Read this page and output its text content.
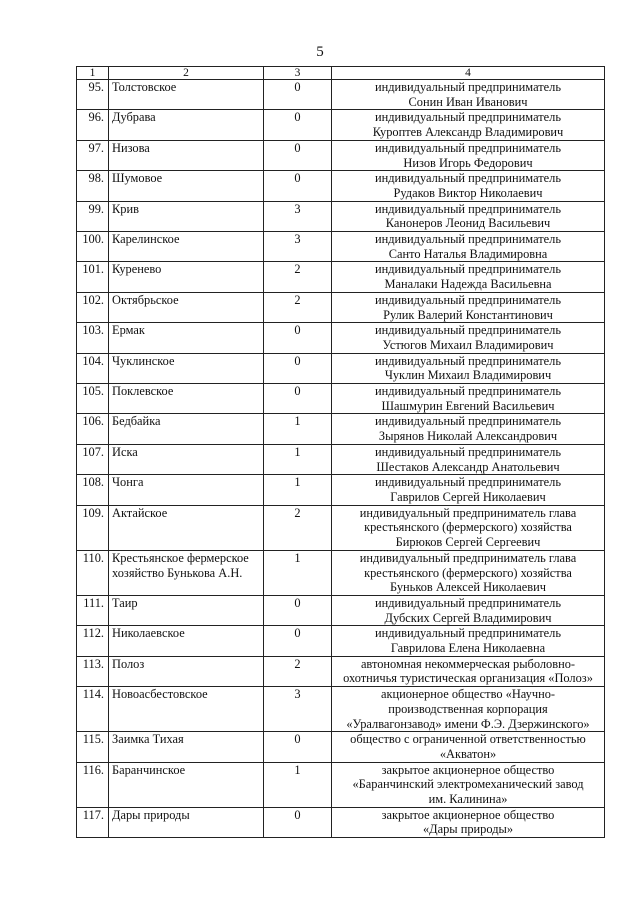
5
1	2	3	4
95.	Толстовское	0	индивидуальный предприниматель
Сонин Иван Иванович

96.	Дубрава	0	индивидуальный предприниматель
Куроптев Александр Владимирович

97.	Низова	0	индивидуальный предприниматель
Низов Игорь Федорович

98.	Шумовое	0	индивидуальный предприниматель
Рудаков Виктор Николаевич

99.	Крив	3	индивидуальный предприниматель
Канонеров Леонид Васильевич

100.	Карелинское	3	индивидуальный предприниматель
Санто Наталья Владимировна

101.	Куренево	2	индивидуальный предприниматель
Маналаки Надежда Васильевна

102.	Октябрьское	2	индивидуальный предприниматель
Рулик Валерий Константинович

103.	Ермак	0	индивидуальный предприниматель
Устюгов Михаил Владимирович

104.	Чуклинское	0	индивидуальный предприниматель
Чуклин Михаил Владимирович

105.	Поклевское	0	индивидуальный предприниматель
Шашмурин Евгений Васильевич

106.	Бедбайка	1	индивидуальный предприниматель
Зырянов Николай Александрович

107.	Иска	1	индивидуальный предприниматель
Шестаков Александр Анатольевич

108.	Чонга	1	индивидуальный предприниматель
Гаврилов Сергей Николаевич

109.	Актайское	2	индивидуальный предприниматель глава
крестьянского (фермерского) хозяйства
Бирюков Сергей Сергеевич

110.	Крестьянское фермерское хозяйство Бунькова А.Н.	1	индивидуальный предприниматель глава
крестьянского (фермерского) хозяйства
Буньков Алексей Николаевич

111.	Таир	0	индивидуальный предприниматель
Дубских Сергей Владимирович

112.	Николаевское	0	индивидуальный предприниматель
Гаврилова Елена Николаевна

113.	Полоз	2	автономная некоммерческая рыболовно-
охотничья туристическая организация «Полоз»

114.	Новоасбестовское	3	акционерное общество «Научно-
производственная корпорация
«Уралвагонзавод» имени Ф.Э. Дзержинского»

115.	Заимка Тихая	0	общество с ограниченной ответственностью
«Акватон»

116.	Баранчинское	1	закрытое акционерное общество
«Баранчинский электромеханический завод
им. Калинина»

117.	Дары природы	0	закрытое акционерное общество
«Дары природы»
